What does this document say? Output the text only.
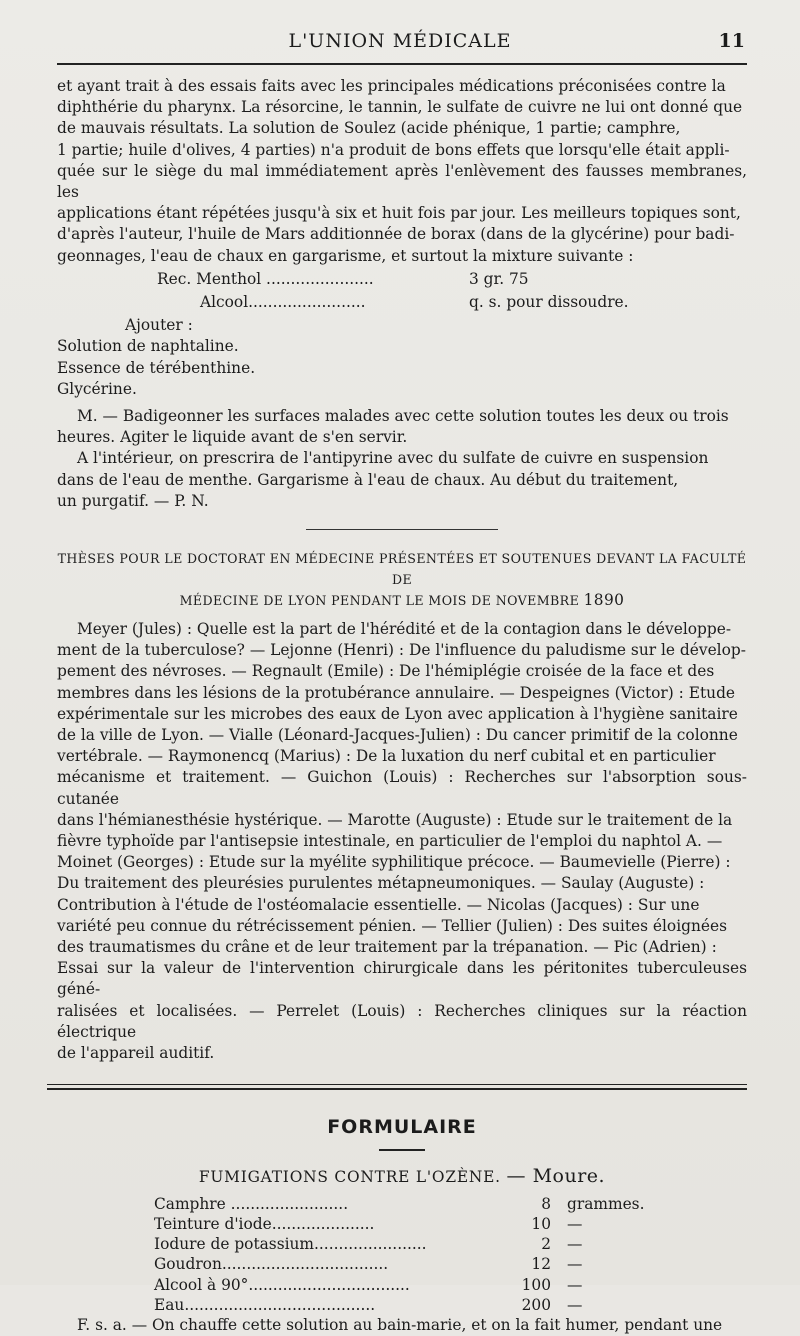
L'UNION MÉDICALE	11

et ayant trait à des essais faits avec les principales médications préconisées contre la

diphthérie du pharynx. La résorcine, le tannin, le sulfate de cuivre ne lui ont donné que

de mauvais résultats. La solution de Soulez (acide phénique, 1 partie; camphre,

1 partie; huile d'olives, 4 parties) n'a produit de bons effets que lorsqu'elle était appli-

quée sur le siège du mal immédiatement après l'enlèvement des fausses membranes, les

applications étant répétées jusqu'à six et huit fois par jour. Les meilleurs topiques sont,

d'après l'auteur, l'huile de Mars additionnée de borax (dans de la glycérine) pour badi-

geonnages, l'eau de chaux en gargarisme, et surtout la mixture suivante :

Rec. Menthol ......................	3 gr. 75
Alcool........................	q. s. pour dissoudre.

Ajouter :

Solution de naphtaline.

Essence de térébenthine.

Glycérine.

M. — Badigeonner les surfaces malades avec cette solution toutes les deux ou trois

heures. Agiter le liquide avant de s'en servir.

A l'intérieur, on prescrira de l'antipyrine avec du sulfate de cuivre en suspension

dans de l'eau de menthe. Gargarisme à l'eau de chaux. Au début du traitement,

un purgatif. — P. N.

THÈSES POUR LE DOCTORAT EN MÉDECINE PRÉSENTÉES ET SOUTENUES DEVANT LA FACULTÉ DE
MÉDECINE DE LYON PENDANT LE MOIS DE NOVEMBRE 1890

Meyer (Jules) : Quelle est la part de l'hérédité et de la contagion dans le développe-

ment de la tuberculose? — Lejonne (Henri) : De l'influence du paludisme sur le dévelop-

pement des névroses. — Regnault (Emile) : De l'hémiplégie croisée de la face et des

membres dans les lésions de la protubérance annulaire. — Despeignes (Victor) : Etude

expérimentale sur les microbes des eaux de Lyon avec application à l'hygiène sanitaire

de la ville de Lyon. — Vialle (Léonard-Jacques-Julien) : Du cancer primitif de la colonne

vertébrale. — Raymonencq (Marius) : De la luxation du nerf cubital et en particulier

mécanisme et traitement. — Guichon (Louis) : Recherches sur l'absorption sous-cutanée

dans l'hémianesthésie hystérique. — Marotte (Auguste) : Etude sur le traitement de la

fièvre typhoïde par l'antisepsie intestinale, en particulier de l'emploi du naphtol A. —

Moinet (Georges) : Etude sur la myélite syphilitique précoce. — Baumevielle (Pierre) :

Du traitement des pleurésies purulentes métapneumoniques. — Saulay (Auguste) :

Contribution à l'étude de l'ostéomalacie essentielle. — Nicolas (Jacques) : Sur une

variété peu connue du rétrécissement pénien. — Tellier (Julien) : Des suites éloignées

des traumatismes du crâne et de leur traitement par la trépanation. — Pic (Adrien) :

Essai sur la valeur de l'intervention chirurgicale dans les péritonites tuberculeuses géné-

ralisées et localisées. — Perrelet (Louis) : Recherches cliniques sur la réaction électrique

de l'appareil auditif.

FORMULAIRE
FUMIGATIONS CONTRE L'OZÈNE. — Moure.
Camphre ........................	8 grammes.
Teinture d'iode.....................	10 —
Iodure de potassium.......................	2 —
Goudron..................................	12 —
Alcool à 90°.................................	100 —
Eau.......................................	200 —

F. s. a. — On chauffe cette solution au bain-marie, et on la fait humer, pendant une
